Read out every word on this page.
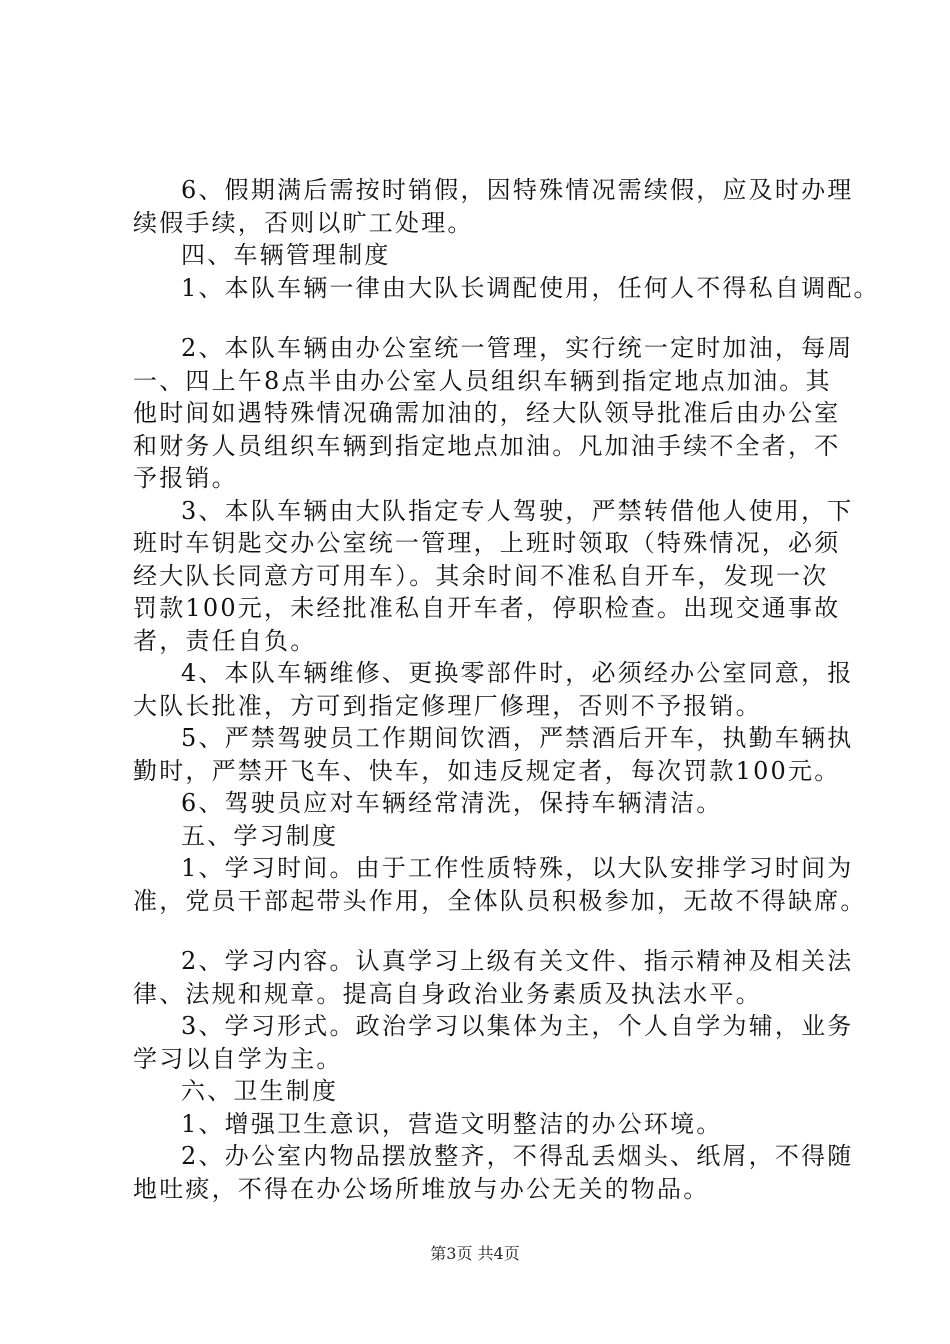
6、假期满后需按时销假，因特殊情况需续假，应及时办理
续假手续，否则以旷工处理。
四、车辆管理制度
1、本队车辆一律由大队长调配使用，任何人不得私自调配。
2、本队车辆由办公室统一管理，实行统一定时加油，每周
一、四上午8点半由办公室人员组织车辆到指定地点加油。其
他时间如遇特殊情况确需加油的，经大队领导批准后由办公室
和财务人员组织车辆到指定地点加油。凡加油手续不全者，不
予报销。
3、本队车辆由大队指定专人驾驶，严禁转借他人使用，下
班时车钥匙交办公室统一管理，上班时领取（特殊情况，必须
经大队长同意方可用车）。其余时间不准私自开车，发现一次
罚款100元，未经批准私自开车者，停职检查。出现交通事故
者，责任自负。
4、本队车辆维修、更换零部件时，必须经办公室同意，报
大队长批准，方可到指定修理厂修理，否则不予报销。
5、严禁驾驶员工作期间饮酒，严禁酒后开车，执勤车辆执
勤时，严禁开飞车、快车，如违反规定者，每次罚款100元。
6、驾驶员应对车辆经常清洗，保持车辆清洁。
五、学习制度
1、学习时间。由于工作性质特殊，以大队安排学习时间为
准，党员干部起带头作用，全体队员积极参加，无故不得缺席。
2、学习内容。认真学习上级有关文件、指示精神及相关法
律、法规和规章。提高自身政治业务素质及执法水平。
3、学习形式。政治学习以集体为主，个人自学为辅，业务
学习以自学为主。
六、卫生制度
1、增强卫生意识，营造文明整洁的办公环境。
2、办公室内物品摆放整齐，不得乱丢烟头、纸屑，不得随
地吐痰，不得在办公场所堆放与办公无关的物品。
第3页 共4页
